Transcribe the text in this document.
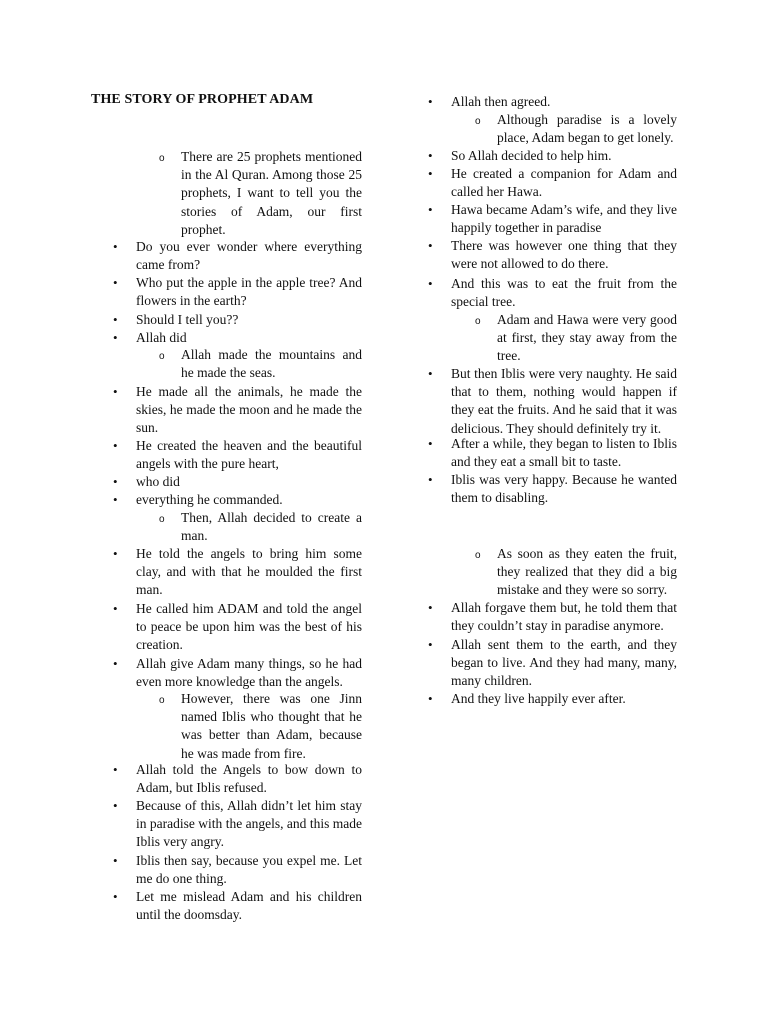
THE STORY OF PROPHET ADAM
o
There are 25 prophets mentioned in the Al Quran. Among those 25 prophets, I want to tell you the stories of Adam, our first prophet.
•
Do you ever wonder where everything came from?
•
Who put the apple in the apple tree? And flowers in the earth?
•
Should I tell you??
•
Allah did
o
Allah made the mountains and he made the seas.
•
He made all the animals, he made the skies, he made the moon and he made the sun.
•
He created the heaven and the beautiful angels with the pure heart,
•
who did
•
everything he commanded.
o
Then, Allah decided to create a man.
•
He told the angels to bring him some clay, and with that he moulded the first man.
•
He called him ADAM and told the angel to peace be upon him was the best of his creation.
•
Allah give Adam many things, so he had even more knowledge than the angels.
o
However, there was one Jinn named Iblis who thought that he was better than Adam, because he was made from fire.
•
Allah told the Angels to bow down to Adam, but Iblis refused.
•
Because of this, Allah didn’t let him stay in paradise with the angels, and this made Iblis very angry.
•
Iblis then say, because you expel me. Let me do one thing.
•
Let me mislead Adam and his children until the doomsday.
•
Allah then agreed.
o
Although paradise is a lovely place, Adam began to get lonely.
•
So Allah decided to help him.
•
He created a companion for Adam and called her Hawa.
•
Hawa became Adam’s wife, and they live happily together in paradise
•
There was however one thing that they were not allowed to do there.
•
And this was to eat the fruit from the special tree.
o
Adam and Hawa were very good at first, they stay away from the tree.
•
But then Iblis were very naughty. He said that to them, nothing would happen if they eat the fruits. And he said that it was delicious. They should definitely try it.
•
After a while, they began to listen to Iblis and they eat a small bit to taste.
•
Iblis was very happy. Because he wanted them to disabling.
o
As soon as they eaten the fruit, they realized that they did a big mistake and they were so sorry.
•
Allah forgave them but, he told them that they couldn’t stay in paradise anymore.
•
Allah sent them to the earth, and they began to live. And they had many, many, many children.
•
And they live happily ever after.
